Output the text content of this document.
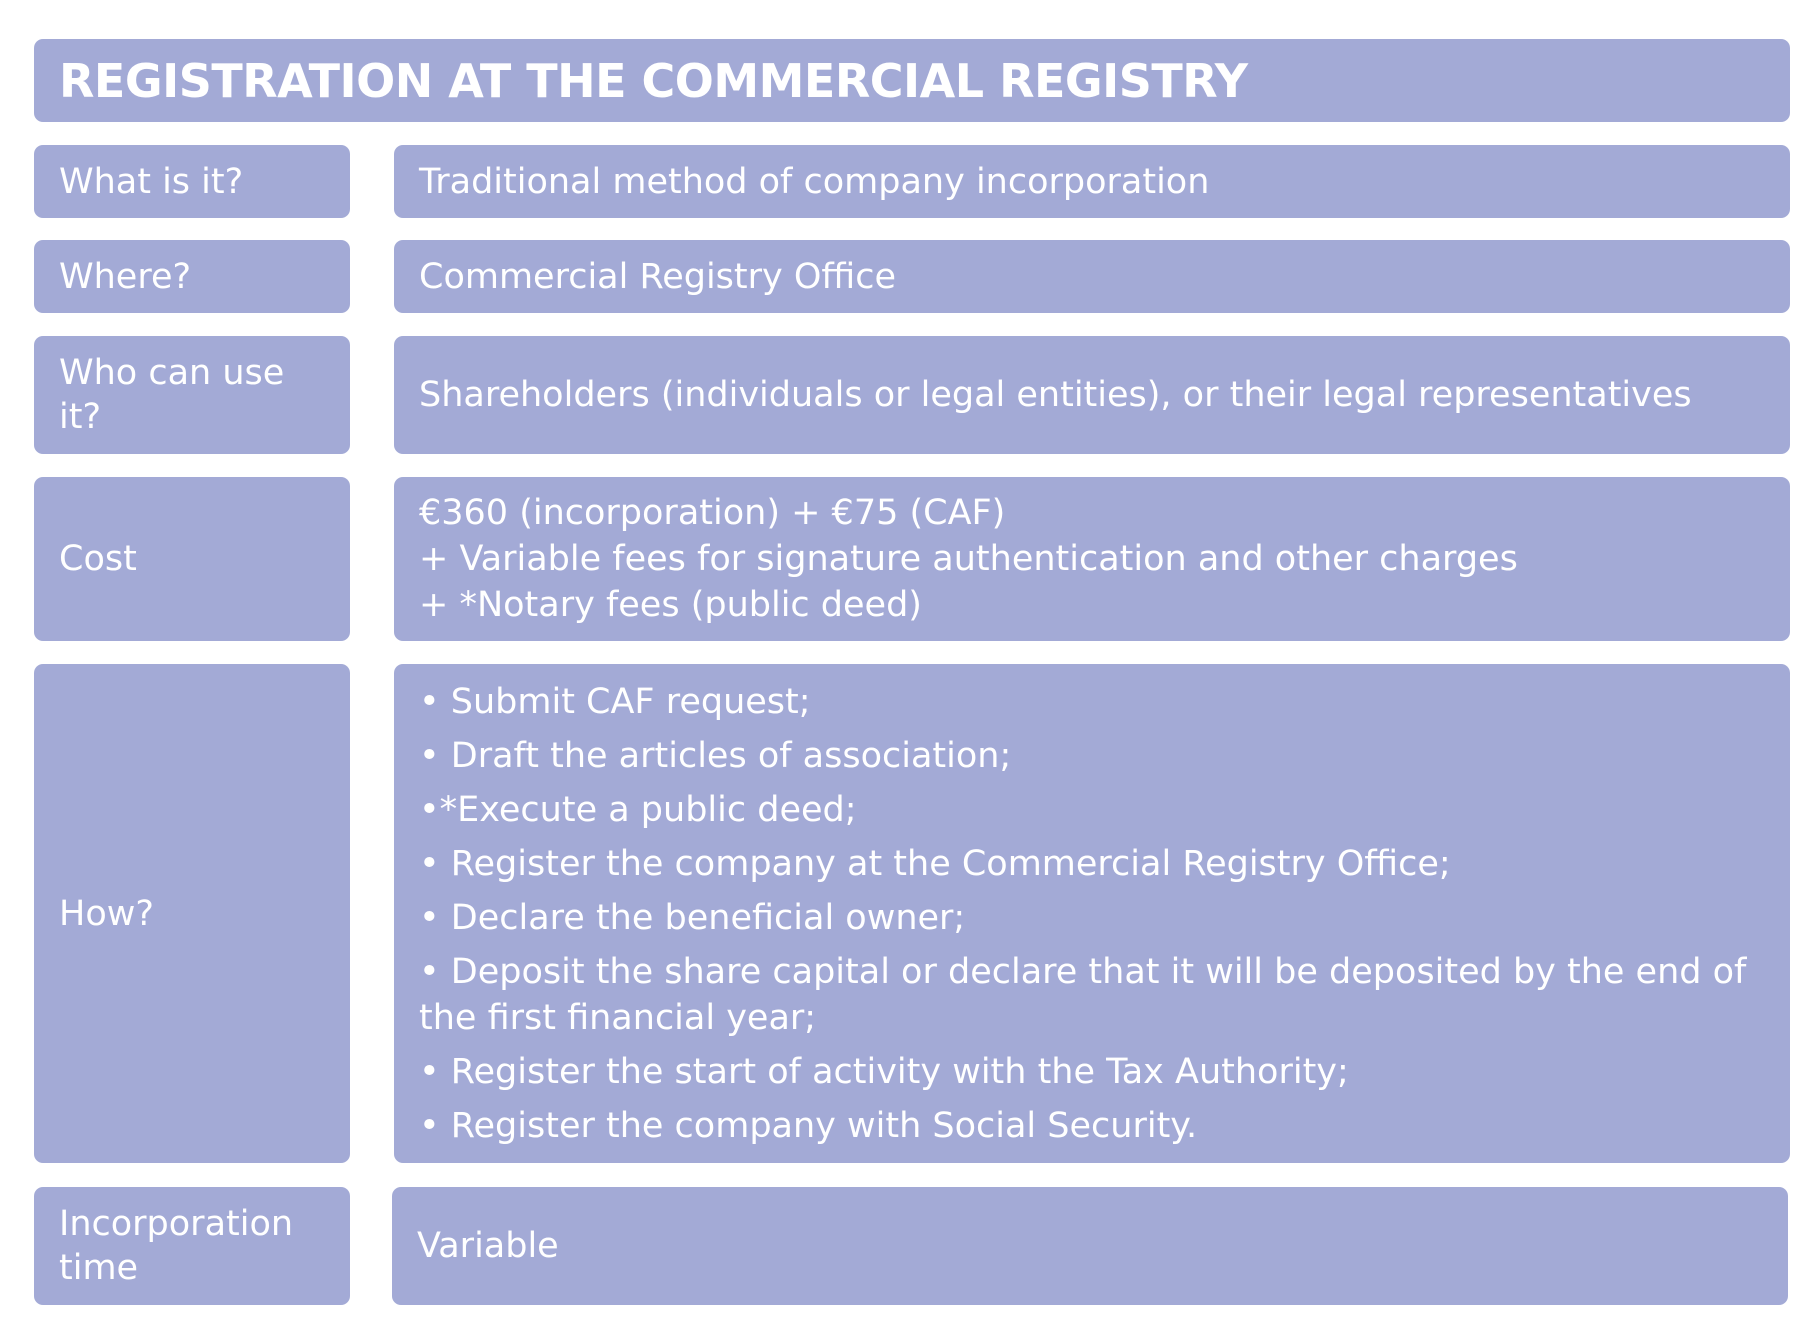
REGISTRATION AT THE COMMERCIAL REGISTRY
What is it?	Traditional method of company incorporation
Where?	Commercial Registry Office
Who can use it?
Shareholders (individuals or legal entities), or their legal representatives
Cost
€360 (incorporation) + €75 (CAF)
+ Variable fees for signature authentication and other charges
+ *Notary fees (public deed)
How?
• Submit CAF request;
• Draft the articles of association;
•*Execute a public deed;
• Register the company at the Commercial Registry Office;
• Declare the beneficial owner;
• Deposit the share capital or declare that it will be deposited by the end of the first financial year;
• Register the start of activity with the Tax Authority;
• Register the company with Social Security.
Incorporation time
Variable
